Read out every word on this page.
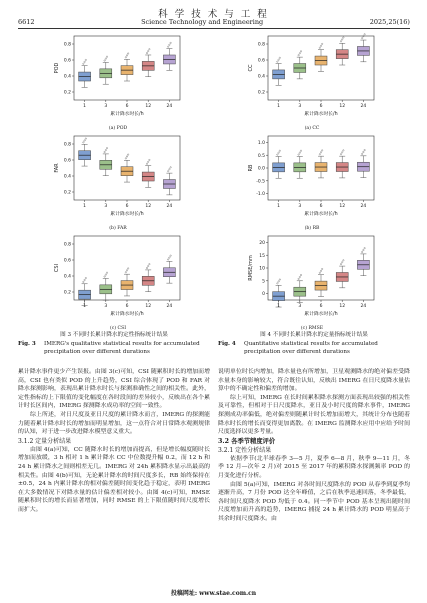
科 学 技 术 与 工 程
6612	Science Technology and Engineering	2025,25(16)
0.2
0.4
0.6
0.8
POD
1	3	6	12	24
累计降水时长/h
(a) POD
0.2
0.4
0.6
0.8
FAR
1	3	6	12	24
累计降水时长/h
(b) FAR
0.2
0.4
0.6
0.8
CSI
1	3	6	12	24
累计降水时长/h
(c) CSI
0.2
0.4
0.6
0.8
CC
1	3	6	12	24
累计降水时长/h
(a) CC
-1.0
-0.5
0.0
0.5
1.0
RB
1	3	6	12	24
累计降水时长/h
(b) RB
0
5
10
15
20
RMSE/mm
1	3	6	12	24
累计降水时长/h
(c) RMSE
图 3 不同时长累计降水的定性指标统计结果
Fig. 3	IMERG's qualitative statistical results for accumulated precipitation over different durations
图 4 不同时长累计降水的定量指标统计结果
Fig. 4	Quantitative statistical results for accumulated precipitation over different durations

累计降水事件更少产生误报。由图 3(c)可知，CSI 随累积时长的增加而增高，CSI 也有类似 POD 的上升趋势，CSI 综合体现了 POD 和 FAR 对降水探测影响，表现出累计降水时长与探测准确性之间的相关性。此外，定性指标的上下限值的变化幅度在各时段间的差异较小，反映出在各个累计时长区间内，IMERG 探测降水成功率的空间一致性。

综上所述，对日尺度及亚日尺度的累计降水而言，IMERG 的探测能力随着累计降水时长的增加而明显增加，这一点符合对日常降水观测规律的认知，对于进一步改进降水模型意义重大。

3.1.2 定量分析结果

由图 4(a)可知，CC 随降水时长的增加而提高，但是增长幅度随时长增加而放缓，3 h 相对 1 h 累计降水 CC 中位数提升幅 0.2，而 12 h 和 24 h 累计降水之间则相差无几。IMERG 对 24h 累积降水显示出最高的相关性。由图 4(b)可知，无论累计降水的时间尺度多长，RB 始终保持在 ±0.5，24 h 内累计降水的相对偏差随时间变化趋于稳定，表明 IMERG 在大多数情况下对降水量的估计偏差相对较小。由图 4(c)可知，RMSE 随累积时长的增长而显著增加，同时 RMSE 的上下限值随时间尺度增长而扩大。

说明单位时长内增加，降水量也有所增加，卫星观测降水的绝对偏差受降水量本身的影响较大，符合既往认知，反映出 IMERG 在日尺度降水量估算中的不确定性和偏差的增加。

综上可知，IMERG 在长时间累积降水探测方面表现出较强的相关性及可靠性，但相对于日尺度降水，亚日及小时尺度的降水事件，IMERG 探测成功率偏低，绝对偏差则随累计时长增加而增大，其统计分布也随着降水时长的增长而变得更加离散。在 IMERG 监测降水应用中应给予时间尺度选择以更多考量。

3.2 各季节精度评价
3.2.1 定性分析结果

依据季节(北半球春季 3—5 月，夏季 6—8 月，秋季 9—11 月，冬季 12 月—次年 2 月)对 2015 至 2017 年的累积降水探测频率 POD 的月变化进行分析。

由图 5(a)可知，IMERG 对各时间尺度降水的 POD 从春季到夏季均逐渐升高，7 月份 POD 达全年峰值，之后在秋季迅速回落，冬季最低，各时间尺度降水 POD 均低于 0.4。同一季节中 POD 基本呈现出随时间尺度增加而升高的趋势，IMERG 捕捉 24 h 累计降水的 POD 明显高于其余时间尺度降水。由

投稿网址: www.stae.com.cn
